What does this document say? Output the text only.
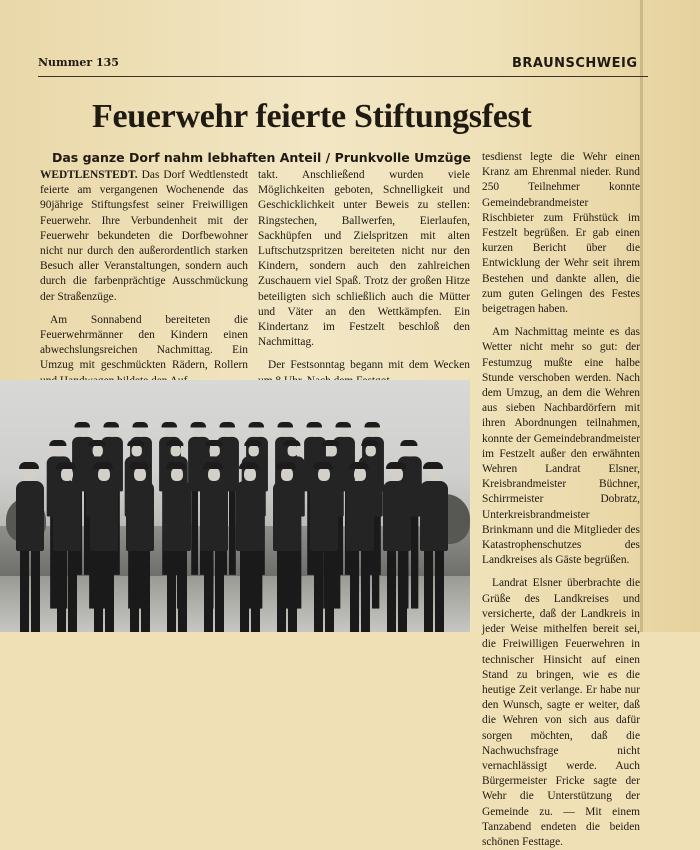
Nummer 135	BRAUNSCHWEIG
Feuerwehr feierte Stiftungsfest
Das ganze Dorf nahm lebhaften Anteil / Prunkvolle Umzüge

WEDTLENSTEDT. Das Dorf Wedtlenstedt feierte am vergangenen Wochenende das 90jährige Stiftungsfest seiner Freiwilligen Feuerwehr. Ihre Verbundenheit mit der Feuerwehr bekundeten die Dorfbewohner nicht nur durch den außerordentlich starken Besuch aller Veranstaltungen, sondern auch durch die farbenprächtige Ausschmückung der Straßenzüge.

Am Sonnabend bereiteten die Feuerwehrmänner den Kindern einen abwechslungsreichen Nachmittag. Ein Umzug mit geschmückten Rädern, Rollern

takt. Anschließend wurden viele Möglichkeiten geboten, Schnelligkeit und Geschicklichkeit unter Beweis zu stellen: Ringstechen, Ballwerfen, Eierlaufen, Sackhüpfen und Zielspritzen mit alten Luftschutzspritzen bereiteten nicht nur den Kindern, sondern auch den zahlreichen Zuschauern viel Spaß. Trotz der großen Hitze beteiligten sich schließlich auch die Mütter und Väter an den Wettkämpfen. Ein Kindertanz im Festzelt beschloß den Nachmittag.

Der Festsonntag begann mit dem Wecken

tesdienst legte die Wehr einen Kranz am Ehrenmal nieder. Rund 250 Teilnehmer konnte Gemeindebrandmeister Rischbieter zum Frühstück im Festzelt begrüßen. Er gab einen kurzen Bericht über die Entwicklung der Wehr seit ihrem Bestehen und dankte allen, die zum guten Gelingen des Festes beigetragen haben.

Am Nachmittag meinte es das Wetter nicht mehr so gut: der Festumzug mußte eine halbe Stunde verschoben werden. Nach dem Umzug, an dem die Wehren aus sieben Nachbardörfern mit ihren Abordnungen teilnahmen, konnte der Gemeindebrandmeister im Festzelt außer den erwähnten Wehren Landrat Elsner, Kreisbrandmeister Büchner, Schirrmeister Dobratz, Unterkreisbrandmeister Brinkmann und die Mitglieder des Katastrophenschutzes des Landkreises als Gäste begrüßen.

Landrat Elsner überbrachte die Grüße des Landkreises und versicherte, daß der Landkreis in jeder Weise mithelfen bereit sei, die Freiwilligen Feuerwehren in technischer Hinsicht auf einen Stand zu bringen, wie es die heutige Zeit verlange. Er habe nur den Wunsch, sagte er weiter, daß die Wehren von sich aus dafür sorgen möchten, daß die Nachwuchsfrage nicht vernachlässigt werde. Auch Bürgermeister Fricke sagte der Wehr die Unterstützung der Gemeinde zu. — Mit einem Tanzabend endeten die beiden schönen Festtage.
